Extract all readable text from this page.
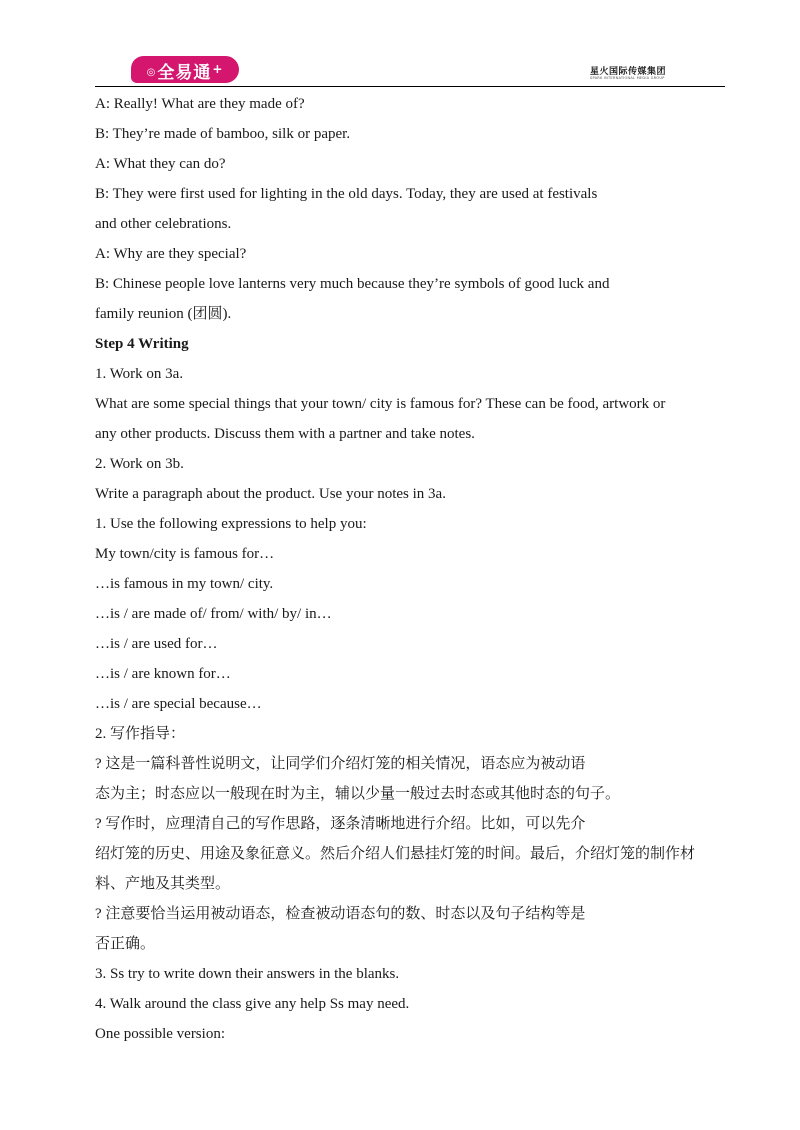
◎全易通+	星火国际传媒集团
SPARK INTERNATIONAL MEDIA GROUP
A: Really! What are they made of?
B: They’re made of bamboo, silk or paper.
A: What they can do?
B: They were first used for lighting in the old days. Today, they are used at festivals
and other celebrations.
A: Why are they special?
B: Chinese people love lanterns very much because they’re symbols of good luck and
family reunion (团圆).
Step 4 Writing
1. Work on 3a.
What are some special things that your town/ city is famous for? These can be food, artwork or
any other products. Discuss them with a partner and take notes.
2. Work on 3b.
Write a paragraph about the product. Use your notes in 3a.
1. Use the following expressions to help you:
My town/city is famous for…
…is famous in my town/ city.
…is / are made of/ from/ with/ by/ in…
…is / are used for…
…is / are known for…
…is / are special because…
2. 写作指导：
? 这是一篇科普性说明文，让同学们介绍灯笼的相关情况，语态应为被动语
态为主；时态应以一般现在时为主，辅以少量一般过去时态或其他时态的句子。
? 写作时，应理清自己的写作思路，逐条清晰地进行介绍。比如，可以先介
绍灯笼的历史、用途及象征意义。然后介绍人们悬挂灯笼的时间。最后，介绍灯笼的制作材
料、产地及其类型。
? 注意要恰当运用被动语态，检查被动语态句的数、时态以及句子结构等是
否正确。
3. Ss try to write down their answers in the blanks.
4. Walk around the class give any help Ss may need.
One possible version:
